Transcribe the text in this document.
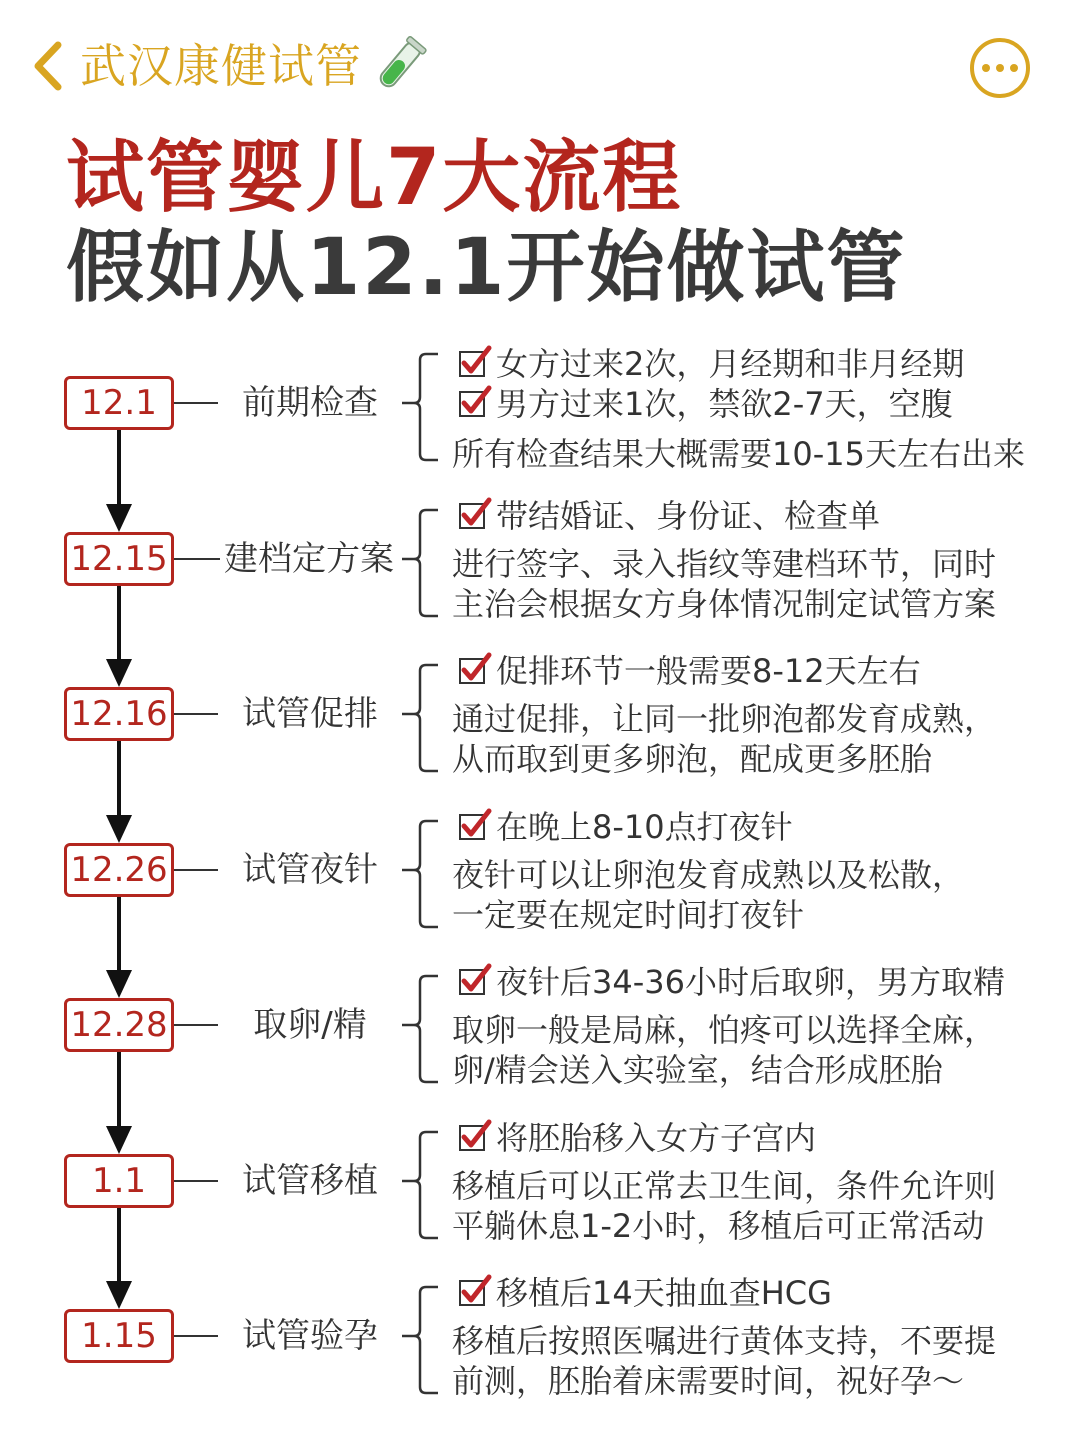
武汉康健试管
试管婴儿7大流程
假如从12.1开始做试管
12.1	前期检查
女方过来2次，月经期和非月经期
男方过来1次，禁欲2-7天，空腹
所有检查结果大概需要10-15天左右出来
12.15 建档定方案
带结婚证、身份证、检查单
进行签字、录入指纹等建档环节，同时
主治会根据女方身体情况制定试管方案
12.16	试管促排
促排环节一般需要8-12天左右
通过促排，让同一批卵泡都发育成熟，
从而取到更多卵泡，配成更多胚胎
12.26	试管夜针
在晚上8-10点打夜针
夜针可以让卵泡发育成熟以及松散，
一定要在规定时间打夜针
12.28	取卵/精
夜针后34-36小时后取卵，男方取精
取卵一般是局麻，怕疼可以选择全麻，
卵/精会送入实验室，结合形成胚胎
1.1	试管移植
将胚胎移入女方子宫内
移植后可以正常去卫生间，条件允许则
平躺休息1-2小时，移植后可正常活动
1.15	试管验孕
移植后14天抽血查HCG
移植后按照医嘱进行黄体支持，不要提
前测，胚胎着床需要时间，祝好孕～
